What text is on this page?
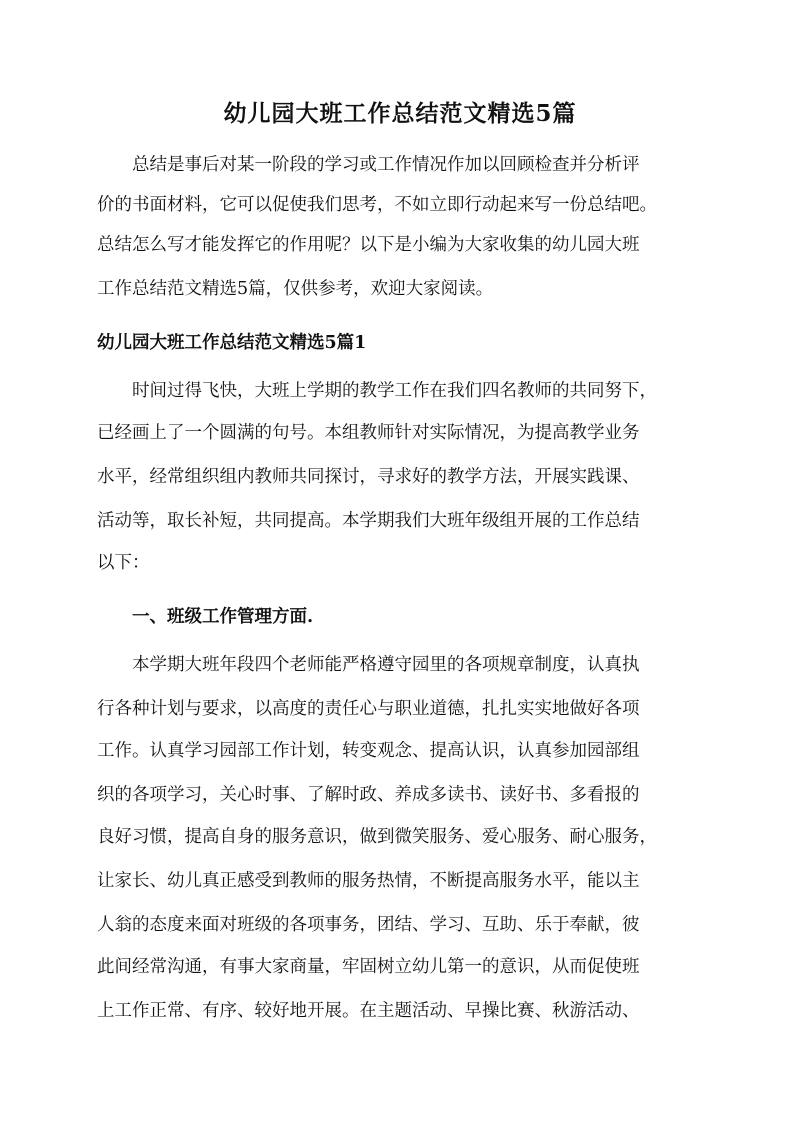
幼儿园大班工作总结范文精选5篇

总结是事后对某一阶段的学习或工作情况作加以回顾检查并分析评

价的书面材料，它可以促使我们思考，不如立即行动起来写一份总结吧。

总结怎么写才能发挥它的作用呢？以下是小编为大家收集的幼儿园大班

工作总结范文精选5篇，仅供参考，欢迎大家阅读。

幼儿园大班工作总结范文精选5篇1

时间过得飞快，大班上学期的教学工作在我们四名教师的共同努下，

已经画上了一个圆满的句号。本组教师针对实际情况，为提高教学业务

水平，经常组织组内教师共同探讨，寻求好的教学方法，开展实践课、

活动等，取长补短，共同提高。本学期我们大班年级组开展的工作总结

以下：

一、班级工作管理方面.

本学期大班年段四个老师能严格遵守园里的各项规章制度，认真执

行各种计划与要求，以高度的责任心与职业道德，扎扎实实地做好各项

工作。认真学习园部工作计划，转变观念、提高认识，认真参加园部组

织的各项学习，关心时事、了解时政、养成多读书、读好书、多看报的

良好习惯，提高自身的服务意识，做到微笑服务、爱心服务、耐心服务，

让家长、幼儿真正感受到教师的服务热情，不断提高服务水平，能以主

人翁的态度来面对班级的各项事务，团结、学习、互助、乐于奉献，彼

此间经常沟通，有事大家商量，牢固树立幼儿第一的意识，从而促使班

上工作正常、有序、较好地开展。在主题活动、早操比赛、秋游活动、
